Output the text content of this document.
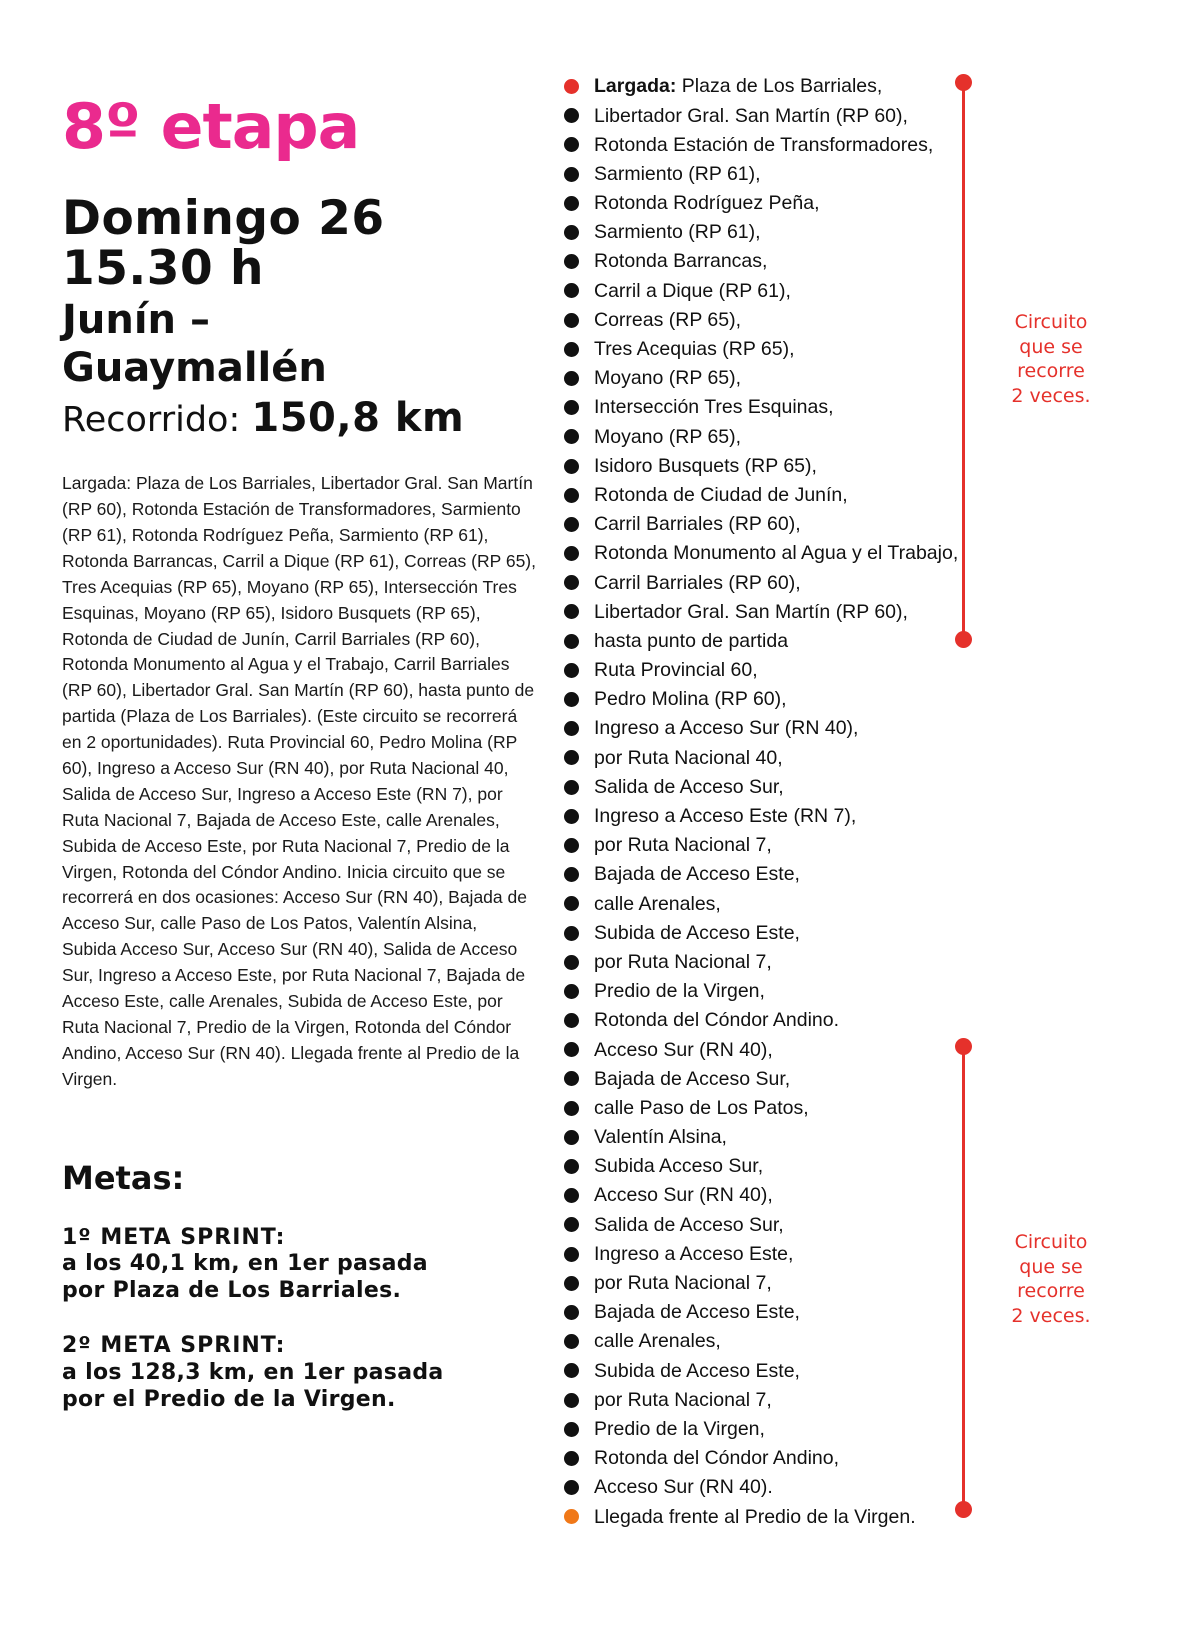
8º etapa
Domingo 26
15.30 h
Junín –
Guaymallén
Recorrido: 150,8 km

Largada: Plaza de Los Barriales, Libertador Gral. San Martín (RP 60), Rotonda Estación de Transformadores, Sarmiento (RP 61), Rotonda Rodríguez Peña, Sarmiento (RP 61), Rotonda Barrancas, Carril a Dique (RP 61), Correas (RP 65), Tres Acequias (RP 65), Moyano (RP 65), Intersección Tres Esquinas, Moyano (RP 65), Isidoro Busquets (RP 65), Rotonda de Ciudad de Junín, Carril Barriales (RP 60), Rotonda Monumento al Agua y el Trabajo, Carril Barriales (RP 60), Libertador Gral. San Martín (RP 60), hasta punto de partida (Plaza de Los Barriales). (Este circuito se recorrerá en 2 oportunidades). Ruta Provincial 60, Pedro Molina (RP 60), Ingreso a Acceso Sur (RN 40), por Ruta Nacional 40, Salida de Acceso Sur, Ingreso a Acceso Este (RN 7), por Ruta Nacional 7, Bajada de Acceso Este, calle Arenales, Subida de Acceso Este, por Ruta Nacional 7, Predio de la Virgen, Rotonda del Cóndor Andino. Inicia circuito que se recorrerá en dos ocasiones: Acceso Sur (RN 40), Bajada de Acceso Sur, calle Paso de Los Patos, Valentín Alsina, Subida Acceso Sur, Acceso Sur (RN 40), Salida de Acceso Sur, Ingreso a Acceso Este, por Ruta Nacional 7, Bajada de Acceso Este, calle Arenales, Subida de Acceso Este, por Ruta Nacional 7, Predio de la Virgen, Rotonda del Cóndor Andino, Acceso Sur (RN 40). Llegada frente al Predio de la Virgen.

Metas:
1º META SPRINT:
a los 40,1 km, en 1er pasada
por Plaza de Los Barriales.
2º META SPRINT:
a los 128,3 km, en 1er pasada
por el Predio de la Virgen.
Largada: Plaza de Los Barriales,
Libertador Gral. San Martín (RP 60),
Rotonda Estación de Transformadores,
Sarmiento (RP 61),
Rotonda Rodríguez Peña,
Sarmiento (RP 61),
Rotonda Barrancas,
Carril a Dique (RP 61),
Correas (RP 65),
Tres Acequias (RP 65),
Moyano (RP 65),
Intersección Tres Esquinas,
Moyano (RP 65),
Isidoro Busquets (RP 65),
Rotonda de Ciudad de Junín,
Carril Barriales (RP 60),
Rotonda Monumento al Agua y el Trabajo,
Carril Barriales (RP 60),
Libertador Gral. San Martín (RP 60),
hasta punto de partida
Ruta Provincial 60,
Pedro Molina (RP 60),
Ingreso a Acceso Sur (RN 40),
por Ruta Nacional 40,
Salida de Acceso Sur,
Ingreso a Acceso Este (RN 7),
por Ruta Nacional 7,
Bajada de Acceso Este,
calle Arenales,
Subida de Acceso Este,
por Ruta Nacional 7,
Predio de la Virgen,
Rotonda del Cóndor Andino.
Acceso Sur (RN 40),
Bajada de Acceso Sur,
calle Paso de Los Patos,
Valentín Alsina,
Subida Acceso Sur,
Acceso Sur (RN 40),
Salida de Acceso Sur,
Ingreso a Acceso Este,
por Ruta Nacional 7,
Bajada de Acceso Este,
calle Arenales,
Subida de Acceso Este,
por Ruta Nacional 7,
Predio de la Virgen,
Rotonda del Cóndor Andino,
Acceso Sur (RN 40).
Llegada frente al Predio de la Virgen.
Circuito
que se
recorre
2 veces.
Circuito
que se
recorre
2 veces.
